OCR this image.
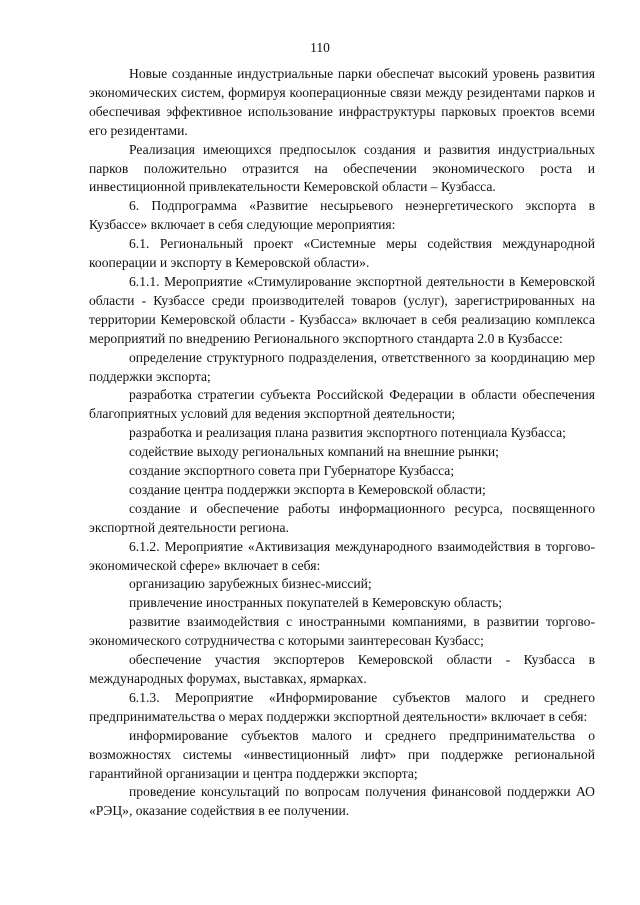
110

Новые созданные индустриальные парки обеспечат высокий уровень развития экономических систем, формируя кооперационные связи между резидентами парков и обеспечивая эффективное использование инфраструктуры парковых проектов всеми его резидентами.

Реализация имеющихся предпосылок создания и развития индустриальных парков положительно отразится на обеспечении экономического роста и инвестиционной привлекательности Кемеровской области – Кузбасса.

6. Подпрограмма «Развитие несырьевого неэнергетического экспорта в Кузбассе» включает в себя следующие мероприятия:

6.1. Региональный проект «Системные меры содействия международной кооперации и экспорту в Кемеровской области».

6.1.1. Мероприятие «Стимулирование экспортной деятельности в Кемеровской области - Кузбассе среди производителей товаров (услуг), зарегистрированных на территории Кемеровской области - Кузбасса» включает в себя реализацию комплекса мероприятий по внедрению Регионального экспортного стандарта 2.0 в Кузбассе:

определение структурного подразделения, ответственного за координацию мер поддержки экспорта;

разработка стратегии субъекта Российской Федерации в области обеспечения благоприятных условий для ведения экспортной деятельности;

разработка и реализация плана развития экспортного потенциала Кузбасса;

содействие выходу региональных компаний на внешние рынки;

создание экспортного совета при Губернаторе Кузбасса;

создание центра поддержки экспорта в Кемеровской области;

создание и обеспечение работы информационного ресурса, посвященного экспортной деятельности региона.

6.1.2. Мероприятие «Активизация международного взаимодействия в торгово-экономической сфере» включает в себя:

организацию зарубежных бизнес-миссий;

привлечение иностранных покупателей в Кемеровскую область;

развитие взаимодействия с иностранными компаниями, в развитии торгово-экономического сотрудничества с которыми заинтересован Кузбасс;

обеспечение участия экспортеров Кемеровской области - Кузбасса в международных форумах, выставках, ярмарках.

6.1.3. Мероприятие «Информирование субъектов малого и среднего предпринимательства о мерах поддержки экспортной деятельности» включает в себя:

информирование субъектов малого и среднего предпринимательства о возможностях системы «инвестиционный лифт» при поддержке региональной гарантийной организации и центра поддержки экспорта;

проведение консультаций по вопросам получения финансовой поддержки АО «РЭЦ», оказание содействия в ее получении.
